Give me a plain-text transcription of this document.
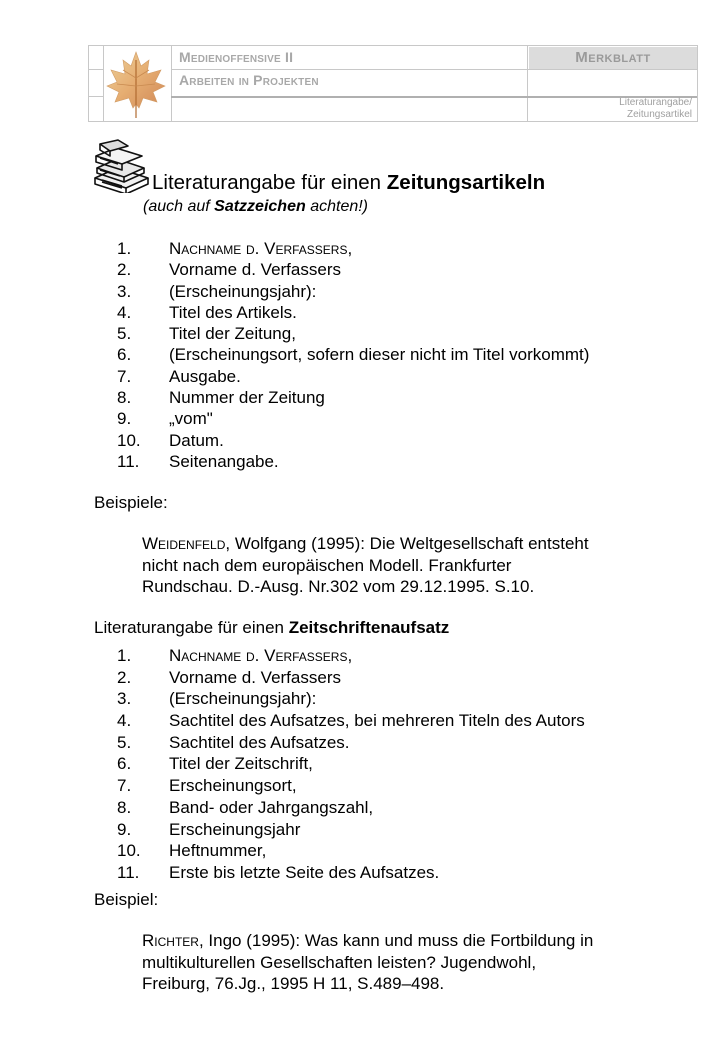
Medienoffensive II
Arbeiten in Projekten
Merkblatt
Literaturangabe/
Zeitungsartikel
Literaturangabe für einen Zeitungsartikeln
(auch auf Satzzeichen achten!)
1. Nachname d. Verfassers,
2. Vorname d. Verfassers
3. (Erscheinungsjahr):
4. Titel des Artikels.
5. Titel der Zeitung,
6. (Erscheinungsort, sofern dieser nicht im Titel vorkommt)
7. Ausgabe.
8. Nummer der Zeitung
9. „vom"
10. Datum.
11. Seitenangabe.
Beispiele:
Weidenfeld, Wolfgang (1995): Die Weltgesellschaft entsteht
nicht nach dem europäischen Modell. Frankfurter
Rundschau. D.-Ausg. Nr.302 vom 29.12.1995. S.10.
Literaturangabe für einen Zeitschriftenaufsatz
1. Nachname d. Verfassers,
2. Vorname d. Verfassers
3. (Erscheinungsjahr):
4. Sachtitel des Aufsatzes, bei mehreren Titeln des Autors
5. Sachtitel des Aufsatzes.
6. Titel der Zeitschrift,
7. Erscheinungsort,
8. Band- oder Jahrgangszahl,
9. Erscheinungsjahr
10. Heftnummer,
11. Erste bis letzte Seite des Aufsatzes.
Beispiel:
Richter, Ingo (1995): Was kann und muss die Fortbildung in
multikulturellen Gesellschaften leisten? Jugendwohl,
Freiburg, 76.Jg., 1995 H 11, S.489–498.
